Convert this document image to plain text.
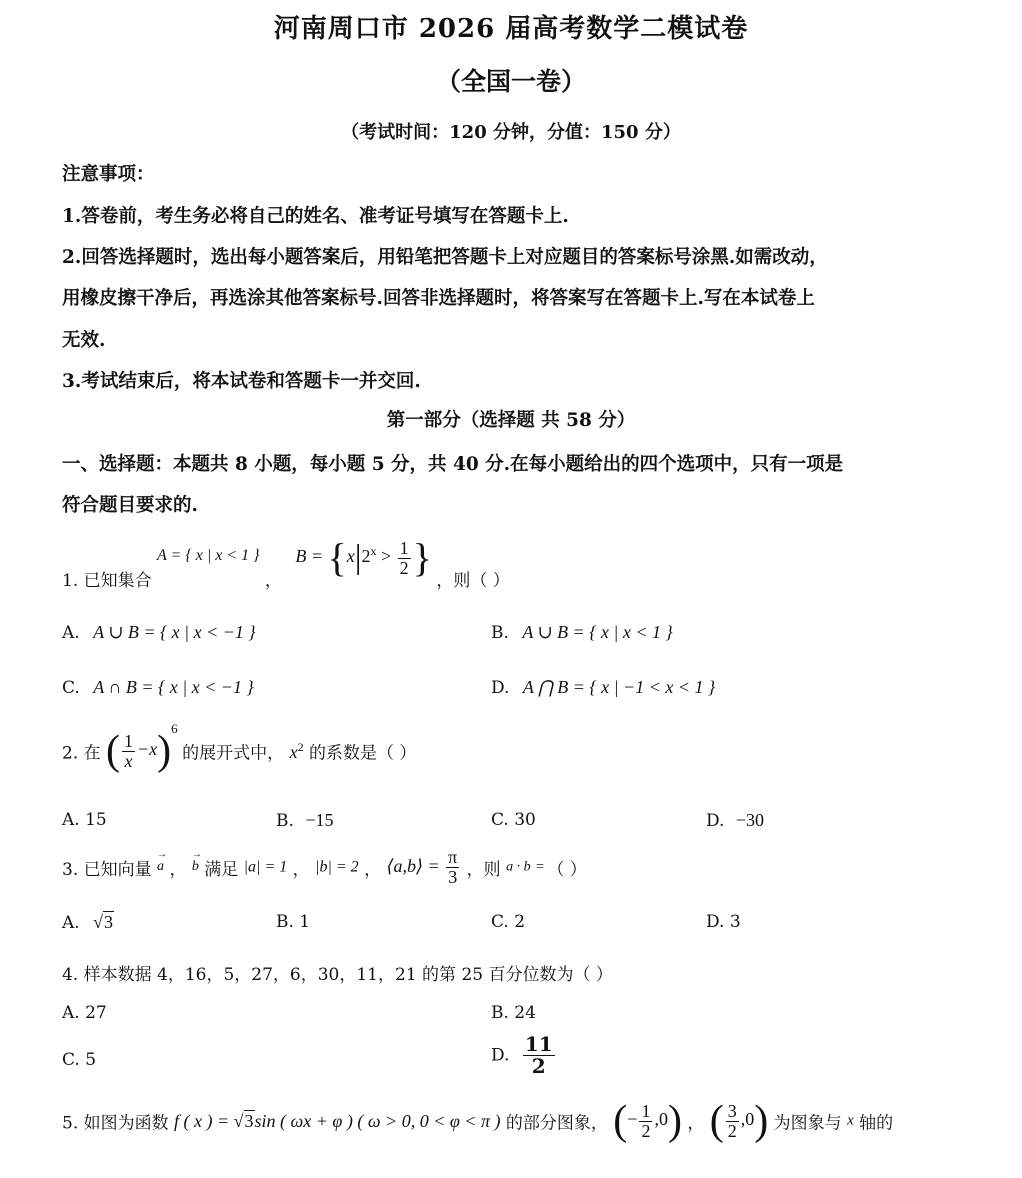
河南周口市 2026 届高考数学二模试卷
（全国一卷）
（考试时间：120 分钟，分值：150 分）
注意事项：
1.答卷前，考生务必将自己的姓名、准考证号填写在答题卡上.
2.回答选择题时，选出每小题答案后，用铅笔把答题卡上对应题目的答案标号涂黑.如需改动，
用橡皮擦干净后，再选涂其他答案标号.回答非选择题时，将答案写在答题卡上.写在本试卷上
无效.
3.考试结束后，将本试卷和答题卡一并交回.
第一部分（选择题 共 58 分）
一、选择题：本题共 8 小题，每小题 5 分，共 40 分.在每小题给出的四个选项中，只有一项是
符合题目要求的.
1. 已知集合 A = { x | x < 1 } ， $B = \{x|2^x > \frac{1}{2}$ } ，则（ ）
A. A ∪ B = { x | x < −1 }	B. A ∪ B = { x | x < 1 }
C. A ∩ B = { x | x < −1 }	D. A ⋂ B = { x | −1 < x < 1 }
2. 在 ( $\frac{1}{x} -x)^6$ 的展开式中， $x^2$ 的系数是（ ）
A. 15	B. −15	C. 30	D. −30
3. 已知向量 → a ， → b 满足 |a| = 1 ， |b| = 2 ， ⟨a,b⟩ = $\frac{\pi}{3}$ ，则 a · b = （ ）
A. √3	B. 1	C. 2	D. 3
4. 样本数据 4，16，5，27，6，30，11，21 的第 25 百分位数为（ ）
A. 27	B. 24
C. 5	D. $\frac{11}{2}$
5. 如图为函数 f ( x ) = √3sin ( ωx + φ ) ( ω > 0, 0 < φ < π ) 的部分图象， (− $\frac{1}{2} ,0$) ， ( $\frac{3}{2} ,0$) 为图象与 x 轴的
